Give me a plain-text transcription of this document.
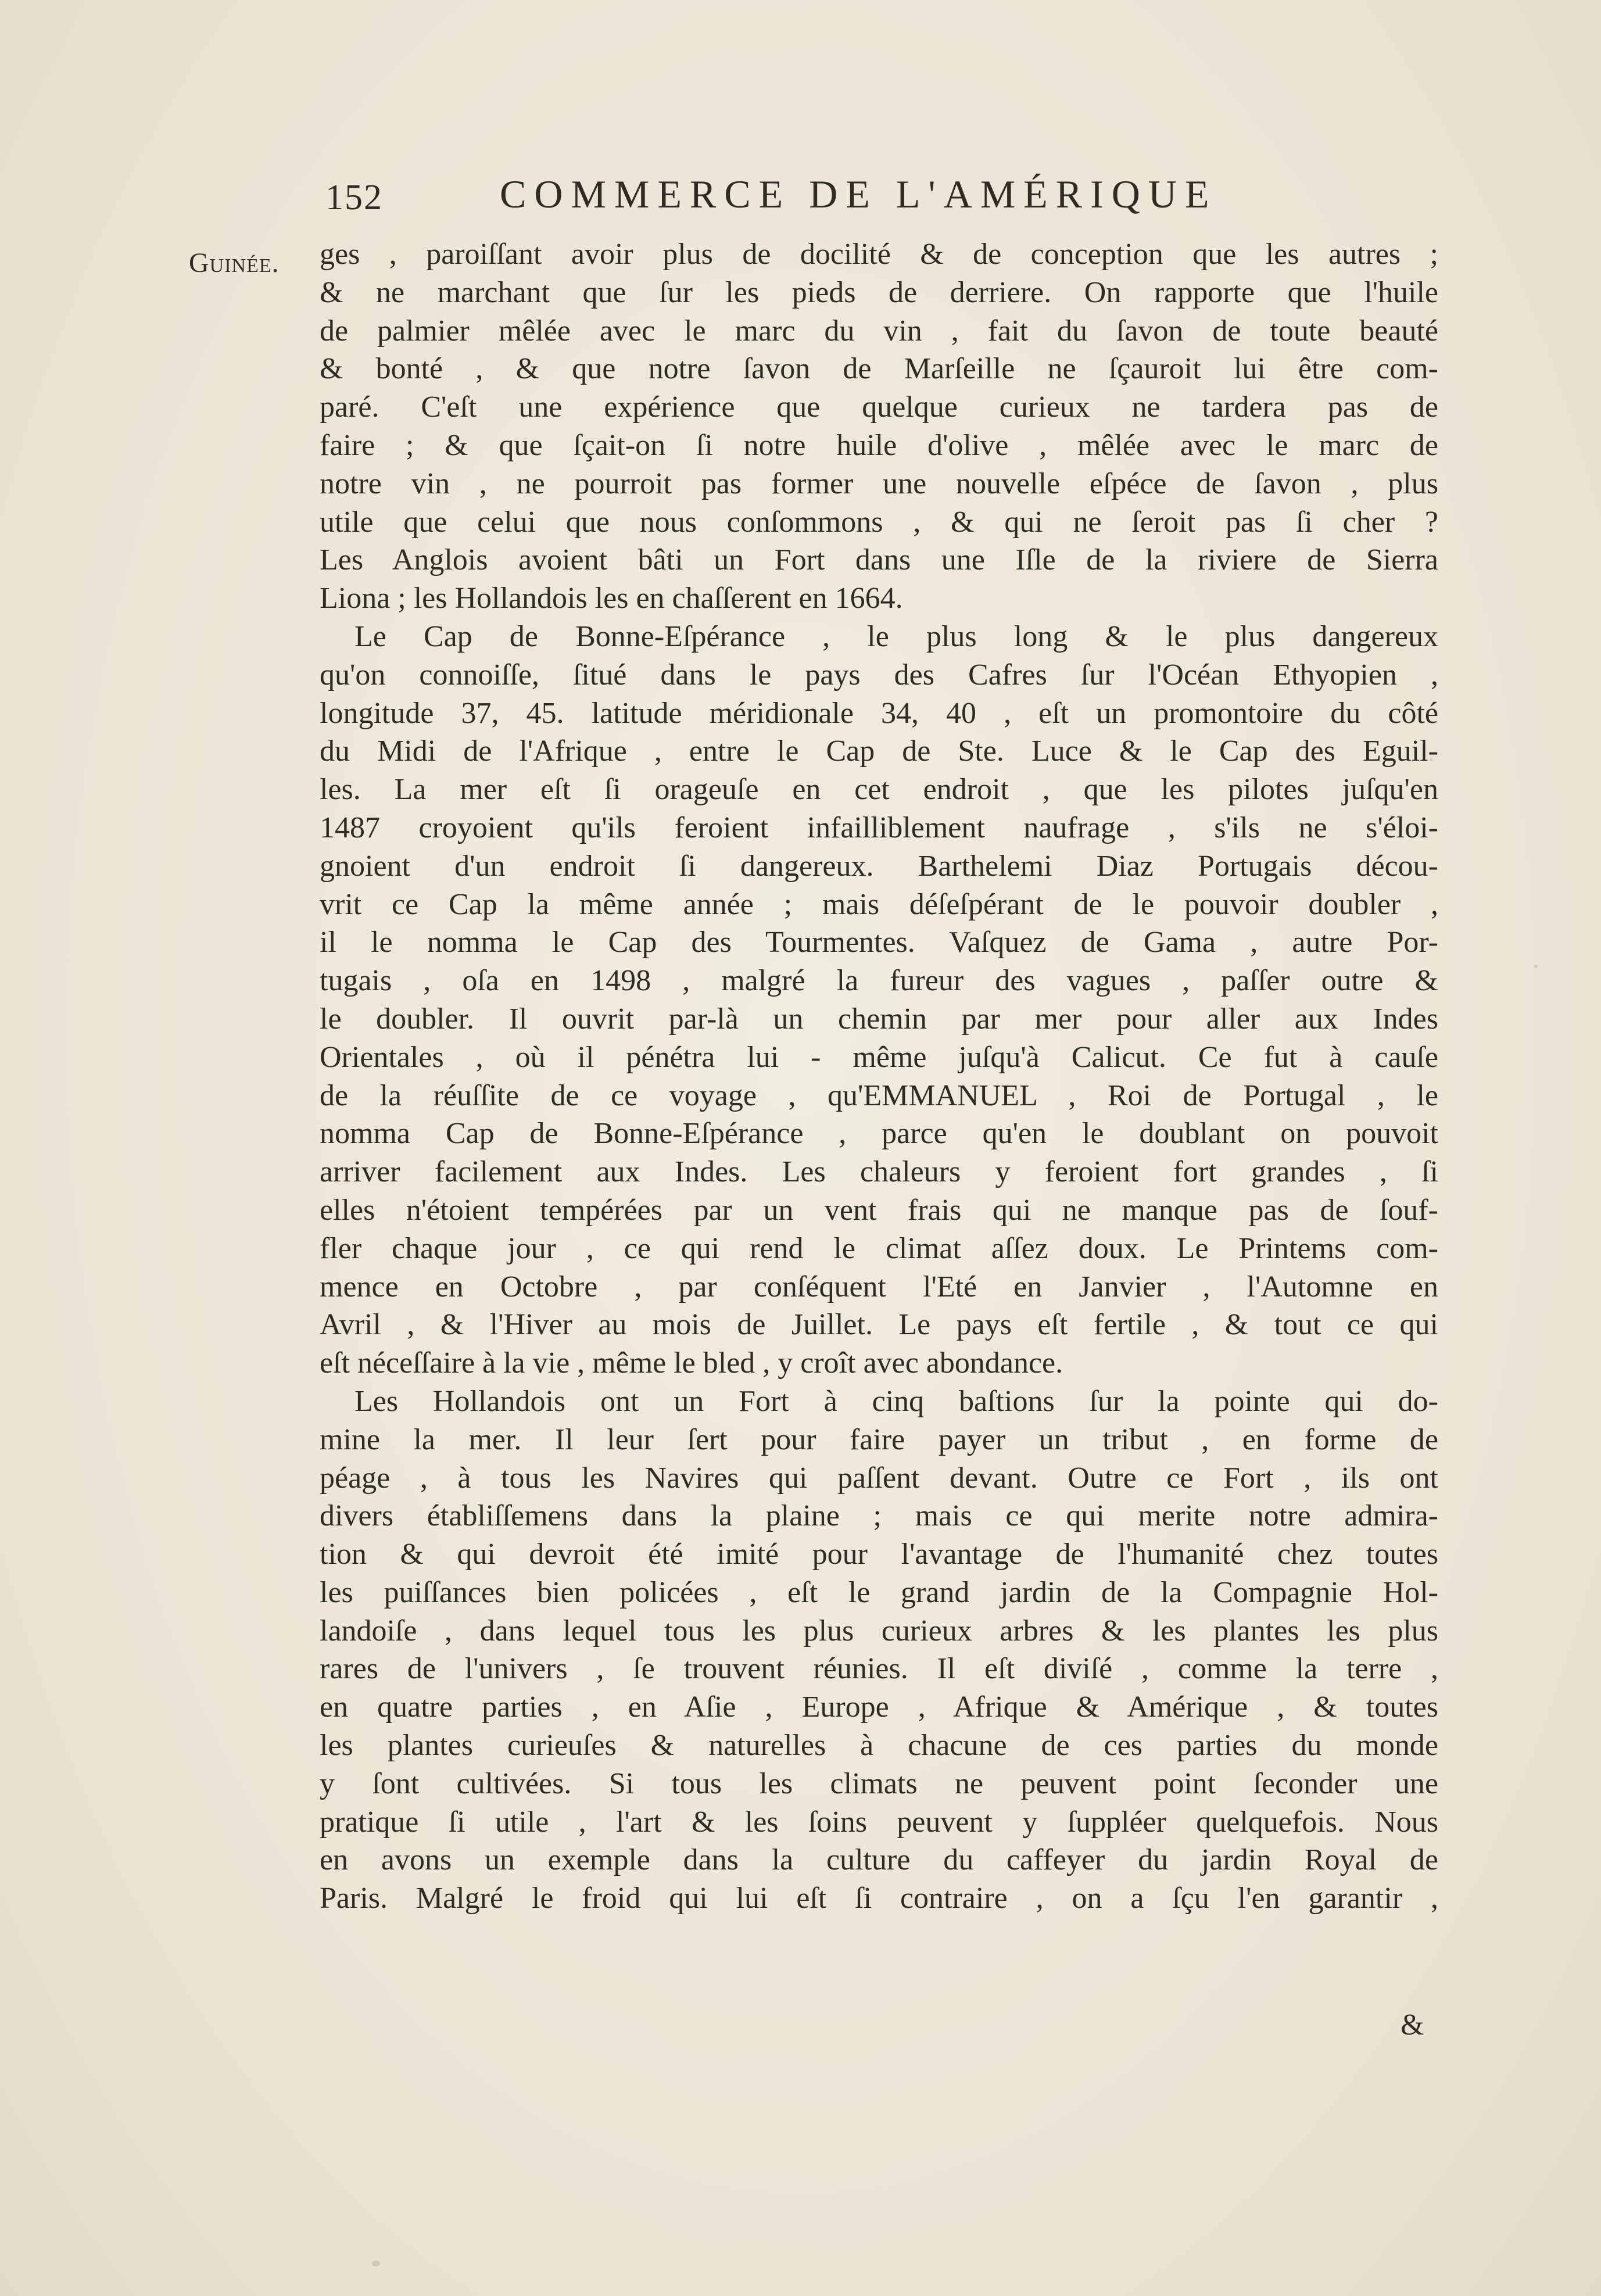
152	COMMERCE DE L'AMÉRIQUE
Guinée. ges , paroiſſant avoir plus de docilité & de conception que les autres ;
& ne marchant que ſur les pieds de derriere. On rapporte que l'huile
de palmier mêlée avec le marc du vin , fait du ſavon de toute beauté
& bonté , & que notre ſavon de Marſeille ne ſçauroit lui être com-
paré. C'eſt une expérience que quelque curieux ne tardera pas de
faire ; & que ſçait-on ſi notre huile d'olive , mêlée avec le marc de
notre vin , ne pourroit pas former une nouvelle eſpéce de ſavon , plus
utile que celui que nous conſommons , & qui ne ſeroit pas ſi cher ?
Les Anglois avoient bâti un Fort dans une Iſle de la riviere de Sierra
Liona ; les Hollandois les en chaſſerent en 1664.
Le Cap de Bonne-Eſpérance , le plus long & le plus dangereux
qu'on connoiſſe, ſitué dans le pays des Cafres ſur l'Océan Ethyopien ,
longitude 37, 45. latitude méridionale 34, 40 , eſt un promontoire du côté
du Midi de l'Afrique , entre le Cap de Ste. Luce & le Cap des Eguil-
les. La mer eſt ſi orageuſe en cet endroit , que les pilotes juſqu'en
1487 croyoient qu'ils feroient infailliblement naufrage , s'ils ne s'éloi-
gnoient d'un endroit ſi dangereux. Barthelemi Diaz Portugais décou-
vrit ce Cap la même année ; mais déſeſpérant de le pouvoir doubler ,
il le nomma le Cap des Tourmentes. Vaſquez de Gama , autre Por-
tugais , oſa en 1498 , malgré la fureur des vagues , paſſer outre &
le doubler. Il ouvrit par-là un chemin par mer pour aller aux Indes
Orientales , où il pénétra lui - même juſqu'à Calicut. Ce fut à cauſe
de la réuſſite de ce voyage , qu'EMMANUEL , Roi de Portugal , le
nomma Cap de Bonne-Eſpérance , parce qu'en le doublant on pouvoit
arriver facilement aux Indes. Les chaleurs y feroient fort grandes , ſi
elles n'étoient tempérées par un vent frais qui ne manque pas de ſouf-
fler chaque jour , ce qui rend le climat aſſez doux. Le Printems com-
mence en Octobre , par conſéquent l'Eté en Janvier , l'Automne en
Avril , & l'Hiver au mois de Juillet. Le pays eſt fertile , & tout ce qui
eſt néceſſaire à la vie , même le bled , y croît avec abondance.
Les Hollandois ont un Fort à cinq baſtions ſur la pointe qui do-
mine la mer. Il leur ſert pour faire payer un tribut , en forme de
péage , à tous les Navires qui paſſent devant. Outre ce Fort , ils ont
divers établiſſemens dans la plaine ; mais ce qui merite notre admira-
tion & qui devroit été imité pour l'avantage de l'humanité chez toutes
les puiſſances bien policées , eſt le grand jardin de la Compagnie Hol-
landoiſe , dans lequel tous les plus curieux arbres & les plantes les plus
rares de l'univers , ſe trouvent réunies. Il eſt diviſé , comme la terre ,
en quatre parties , en Aſie , Europe , Afrique & Amérique , & toutes
les plantes curieuſes & naturelles à chacune de ces parties du monde
y ſont cultivées. Si tous les climats ne peuvent point ſeconder une
pratique ſi utile , l'art & les ſoins peuvent y ſuppléer quelquefois. Nous
en avons un exemple dans la culture du caffeyer du jardin Royal de
Paris. Malgré le froid qui lui eſt ſi contraire , on a ſçu l'en garantir ,
&
